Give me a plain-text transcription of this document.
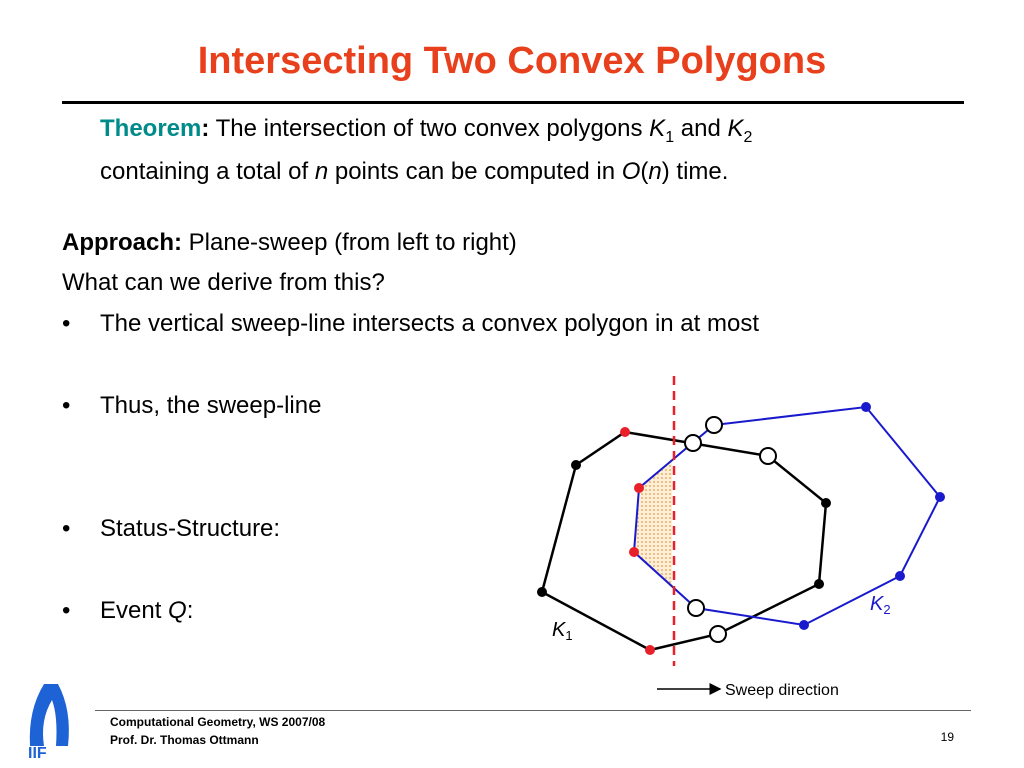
Intersecting Two Convex Polygons
Theorem: The intersection of two convex polygons $K_1$ and $K_2$
containing a total of n points can be computed in O(n) time.
Approach: Plane-sweep (from left to right)
What can we derive from this?
• The vertical sweep-line intersects a convex polygon in at most
• Thus, the sweep-line
• Status-Structure:
• Event Q:
$K_1$
$K_2$
Sweep direction
IIF
Computational Geometry, WS 2007/08
Prof. Dr. Thomas Ottmann	19
